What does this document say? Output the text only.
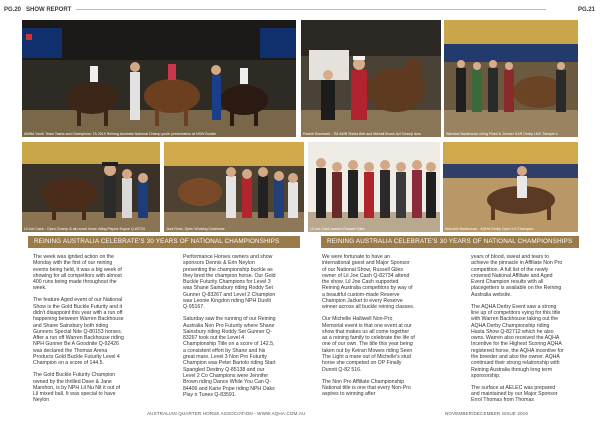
PG.20 SHOW REPORT	PG.21
AWBA Youth Team Tasha and Champions: TA 2019 Reining Australia National Champ youth presentation at NSW Buckle	Rachel Bramwell - TM AWB Sheila Bell and Mikhail Bruce Avf Champ dow	Warwick Backhouse riding Pistol & Jimmer KAR Derby LMC Sample s
Lil Joe Cash - Open Champ & all-round horse riding Paycor Kopce Q-83724	Jack Ross, Open Working Cowhorse	Lil Joe Cash owners Russell Giles	Warwick Backhouse - AQHA Derby Open LH Champion
REINING AUSTRALIA CELEBRATE'S 30 YEARS OF NATIONAL CHAMPIONSHIPS	REINING AUSTRALIA CELEBRATE'S 30 YEARS OF NATIONAL CHAMPIONSHIPS

The week was ignited action on the Monday with the first of our reining events being held, it was a big week of showing for all competitors with almost 400 runs being made throughout the week.

The feature Aged event of our National Show is the Gold Buckle Futurity and it didn't disappoint this year with a run off happening between Warren Backhouse and Shane Sainsbury both riding Gunners Special Nite Q-80153 horses. After a run off Warren Backhouse riding NPH Gunner Be A Goodnite Q-92426 was declared the Thomas Arena Products Gold Buckle Futurity Level 4 Champion on a score of 144.5.

The Gold Buckle Futurity Champion owned by the thrilled Dave & Jane Marshon, is by NPH Lil Nu Nit it out of Lil mixed ball. It was special to have Neylon

Performance Horses owners and show sponsors Dennis & Erin Neylon presenting the championship buckle as they bred the champion horse. Our Gold Buckle Futurity Champions for Level 3 was Shane Sainsbury riding Roddy Set Gunner Q-83267 and Level 2 Champion was Leonie Kingdon riding NPH Dunlit Q-95167.

Saturday saw the running of our Reining Australia Non Pro Futurity where Shane Sainsbury riding Roddy Set Gunner Q-83267 took out the Level 4 Championship Title on a score of 142.5, a consistent effort by Shane and his great mare. Level 3 Non Pro Futurity Champion was Peter Bartolo riding Start Spangled Destiny Q-85138 and our Level 2 Co Champions were Jennifer Brown riding Dance While You Can Q-84406 and Karie Pope riding NPH Oaks Play n Tunes Q-83591.

We were fortunate to have an international guest and Major Sponsor of our National Show, Russell Giles owner of Lil Joe Cash Q-82734 attend the show. Lil Joe Cash supported Reining Australia competitors by way of a beautiful custom-made Reserve Champion Jacket to every Reserve winner across all buckle reining classes.

Our Michelle Halliwell Non-Pro Memorial event is that one event at our show that makes us all come together as a reining family to celebrate the life of one of our own. The title this year being taken out by Keiran Mowes riding Seen The Light a mare out of Michelle's stud horse she competed on OP Finally Dunnit Q-82 516.

The Non Pro Affiliate Championship National title is one that every Non-Pro aspires to winning after

years of blood, sweat and tears to achieve the pinnacle in Affiliate Non Pro competition. A full list of the newly crowned National Affiliate and Aged Event Champion results with all placegetters is available on the Reining Australia website.

The AQHA Derby Event saw a strong line up of competitors vying for this title with Warren Backhouse taking out the AQHA Derby Championship riding Hasta Show Q-82712 which he also owns. Warren also received the AQHA Incentive for the Highest Scoring AQHA registered horse, the AQHA incentive for the breeder and also the owner. AQHA continued their strong relationship with Reining Australia through long term sponsorship.

The surface at AELEC was prepared and maintained by our Major Sponsor Errol Thomas from Thomas

AUSTRALIAN QUARTER HORSE ASSOCIATION - WWW.AQHA.COM.AU	NOVEMBER/DECEMBER ISSUE 2019
